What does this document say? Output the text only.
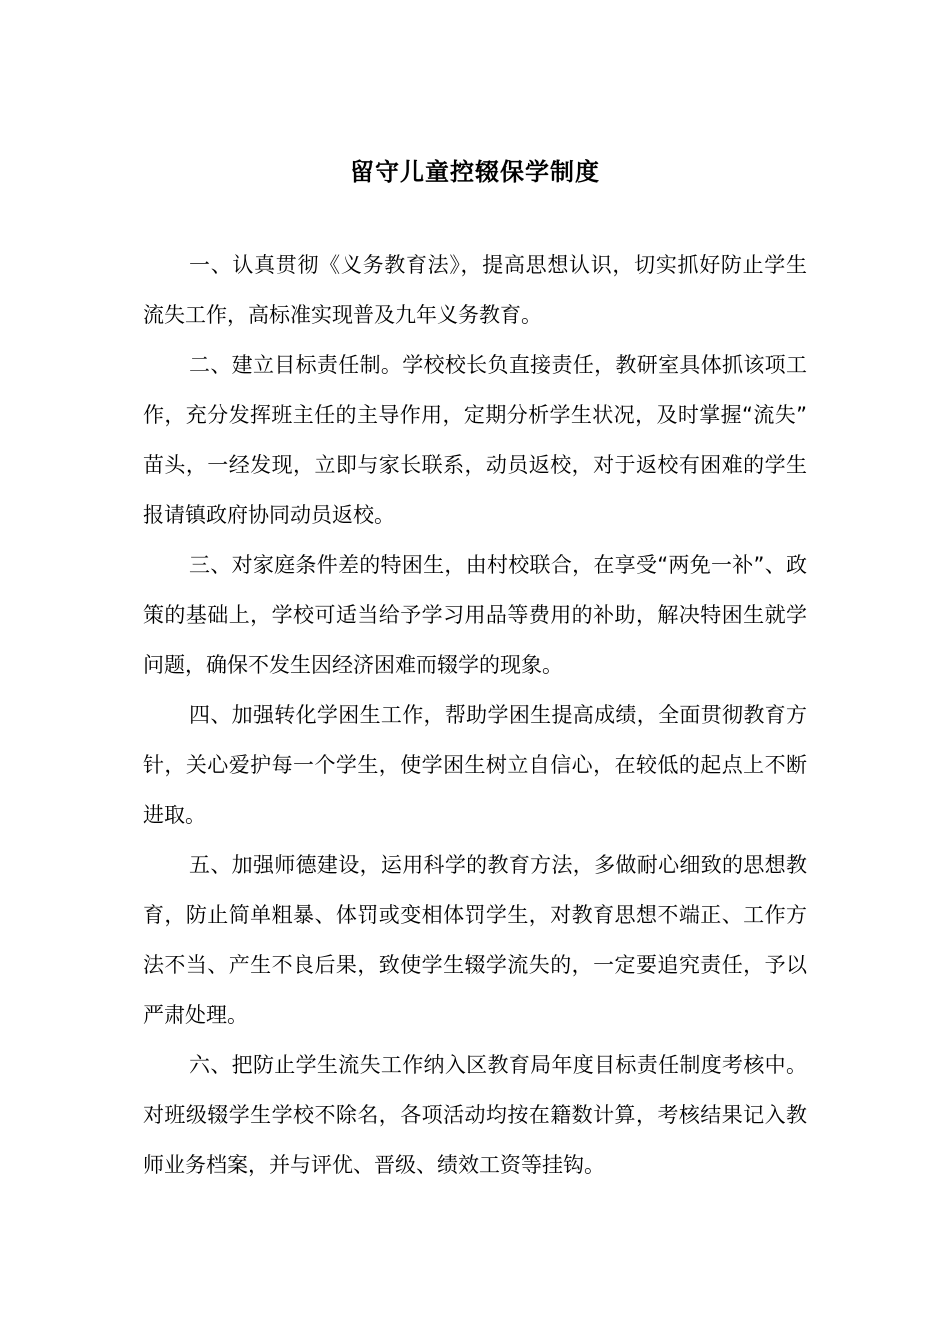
留守儿童控辍保学制度

一、认真贯彻《义务教育法》，提高思想认识，切实抓好防止学生流失工作，高标准实现普及九年义务教育。

二、建立目标责任制。学校校长负直接责任，教研室具体抓该项工作，充分发挥班主任的主导作用，定期分析学生状况，及时掌握“流失” 苗头，一经发现，立即与家长联系，动员返校，对于返校有困难的学生报请镇政府协同动员返校。

三、对家庭条件差的特困生，由村校联合，在享受“两免一补”、政策的基础上，学校可适当给予学习用品等费用的补助，解决特困生就学问题，确保不发生因经济困难而辍学的现象。

四、加强转化学困生工作，帮助学困生提高成绩，全面贯彻教育方针，关心爱护每一个学生，使学困生树立自信心，在较低的起点上不断进取。

五、加强师德建设，运用科学的教育方法，多做耐心细致的思想教育，防止简单粗暴、体罚或变相体罚学生，对教育思想不端正、工作方法不当、产生不良后果，致使学生辍学流失的，一定要追究责任，予以严肃处理。

六、把防止学生流失工作纳入区教育局年度目标责任制度考核中。对班级辍学生学校不除名，各项活动均按在籍数计算，考核结果记入教师业务档案，并与评优、晋级、绩效工资等挂钩。
